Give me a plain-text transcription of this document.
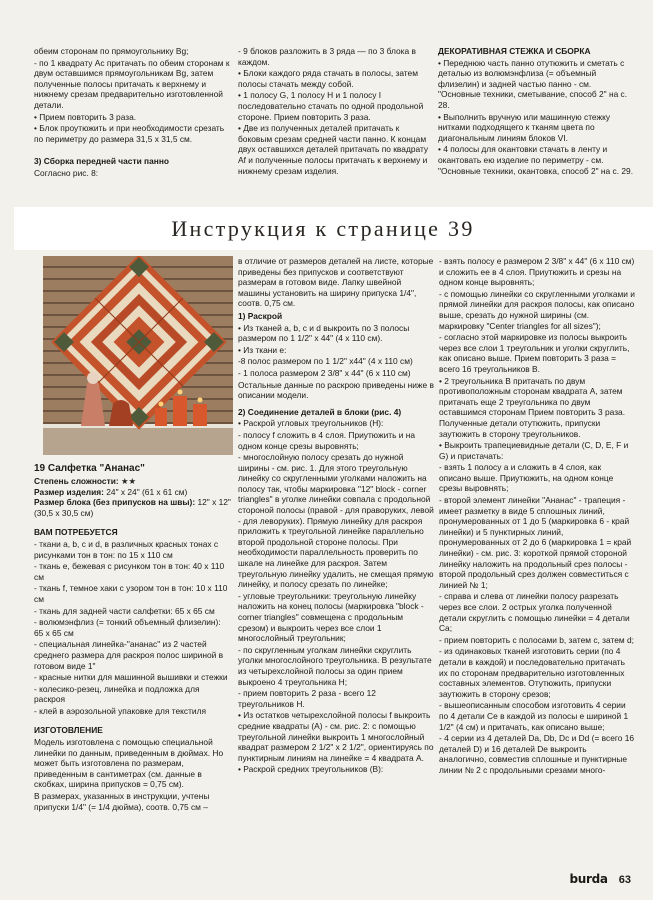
обеим сторонам по прямоугольнику Bg;

- по 1 квадрату Ас притачать по обеим сторонам к двум оставшимся прямоугольникам Bg, затем полученные полосы притачать к верхнему и нижнему срезам предварительно изготовленной детали.

• Прием повторить 3 раза.

• Блок проутюжить и при необходимости срезать по периметру до размера 31,5 x 31,5 см.

3) Сборка передней части панно

Согласно рис. 8:

- 9 блоков разложить в 3 ряда — по 3 блока в каждом.

• Блоки каждого ряда стачать в полосы, затем полосы стачать между собой.

• 1 полосу G, 1 полосу H и 1 полосу I последовательно стачать по одной продольной стороне. Прием повторить 3 раза.

• Две из полученных деталей притачать к боковым срезам средней части панно. К концам двух оставшихся деталей притачать по квадрату Af и полученные полосы притачать к верхнему и нижнему срезам изделия.

ДЕКОРАТИВНАЯ СТЕЖКА И СБОРКА

• Переднюю часть панно отутюжить и сметать с деталью из волюмэнфлиза (= объемный флизелин) и задней частью панно - см. "Основные техники, сметывание, способ 2" на с. 28.

• Выполнить вручную или машинную стежку нитками подходящего к тканям цвета по диагональным линиям блоков VI.

• 4 полосы для окантовки стачать в ленту и окантовать ею изделие по периметру - см. "Основные техники, окантовка, способ 2" на с. 29.

Инструкция к странице 39

19 Салфетка "Ананас"

Степень сложности: ★★

Размер изделия: 24" x 24" (61 x 61 см)

Размер блока (без припусков на швы): 12" x 12" (30,5 x 30,5 см)

ВАМ ПОТРЕБУЕТСЯ

- ткани a, b, c и d, в различных красных тонах с рисунками тон в тон: по 15 x 110 см

- ткань e, бежевая с рисунком тон в тон: 40 x 110 см

- ткань f, темное хаки с узором тон в тон: 10 x 110 см

- ткань для задней части салфетки: 65 x 65 см

- волюмэнфлиз (= тонкий объемный флизелин): 65 x 65 см

- специальная линейка-"ананас" из 2 частей среднего размера для раскроя полос шириной в готовом виде 1"

- красные нитки для машинной вышивки и стежки

- колесико-резец, линейка и подложка для раскроя

- клей в аэрозольной упаковке для текстиля

ИЗГОТОВЛЕНИЕ

Модель изготовлена с помощью специальной линейки по данным, приведенным в дюймах. Но может быть изготовлена по размерам, приведенным в сантиметрах (см. данные в скобках, ширина припусков = 0,75 см).

В размерах, указанных в инструкции, учтены припуски 1/4" (= 1/4 дюйма), соотв. 0,75 см –

в отличие от размеров деталей на листе, которые приведены без припусков и соответствуют размерам в готовом виде. Лапку швейной машины установить на ширину припуска 1/4", соотв. 0,75 см.

1) Раскрой

• Из тканей a, b, c и d выкроить по 3 полосы размером по 1 1/2" x 44" (4 x 110 см).

• Из ткани e:

-8 полос размером по 1 1/2" x44" (4 x 110 см)

- 1 полоса размером 2 3/8" x 44" (6 x 110 см)

Остальные данные по раскрою приведены ниже в описании модели.

2) Соединение деталей в блоки (рис. 4)

• Раскрой угловых треугольников (H):

- полосу f сложить в 4 слоя. Приутюжить и на одном конце срезы выровнять;

- многослойную полосу срезать до нужной ширины - см. рис. 1. Для этого треугольную линейку со скругленными уголками наложить на полосу так, чтобы маркировка "12" block - corner triangles" в уголке линейки совпала с продольной стороной полосы (правой - для праворуких, левой - для леворуких). Прямую линейку для раскроя приложить к треугольной линейке параллельно второй продольной стороне полосы. При необходимости параллельность проверить по шкале на линейке для раскроя. Затем треугольную линейку удалить, не смещая прямую линейку, и полосу срезать по линейке;

- угловые треугольники: треугольную линейку наложить на конец полосы (маркировка "block - corner triangles" совмещена с продольным срезом) и выкроить через все слои 1 многослойный треугольник;

- по скругленным уголкам линейки скруглить уголки многослойного треугольника. В результате из четырехслойной полосы за один прием выкроено 4 треугольника H;

- прием повторить 2 раза - всего 12 треугольников H.

• Из остатков четырехслойной полосы f выкроить средние квадраты (A) - см. рис. 2: с помощью треугольной линейки выкроить 1 многослойный квадрат размером 2 1/2" x 2 1/2", ориентируясь по пунктирным линиям на линейке = 4 квадрата A.

• Раскрой средних треугольников (B):

- взять полосу e размером 2 3/8" x 44" (6 x 110 см) и сложить ее в 4 слоя. Приутюжить и срезы на одном конце выровнять;

- с помощью линейки со скругленными уголками и прямой линейки для раскроя полосы, как описано выше, срезать до нужной ширины (см. маркировку "Center triangles for all sizes");

- согласно этой маркировке из полосы выкроить через все слои 1 треугольник и уголки скруглить, как описано выше. Прием повторить 3 раза = всего 16 треугольников B.

• 2 треугольника B притачать по двум противоположным сторонам квадрата A, затем притачать еще 2 треугольника по двум оставшимся сторонам Прием повторить 3 раза. Полученные детали отутюжить, припуски заутюжить в сторону треугольников.

• Выкроить трапециевидные детали (C, D, E, F и G) и пристачать:

- взять 1 полосу a и сложить в 4 слоя, как описано выше. Приутюжить, на одном конце срезы выровнять;

- второй элемент линейки "Ананас" - трапеция - имеет разметку в виде 5 сплошных линий, пронумерованных от 1 до 5 (маркировка 6 - край линейки) и 5 пунктирных линий, пронумерованных от 2 до 6 (маркировка 1 = край линейки) - см. рис. 3: короткой прямой стороной линейку наложить на продольный срез полосы - второй продольный срез должен совместиться с линией № 1;

- справа и слева от линейки полосу разрезать через все слои. 2 острых уголка полученной детали скруглить с помощью линейки = 4 детали Ca;

- прием повторить с полосами b, затем с, затем d;

- из одинаковых тканей изготовить серии (по 4 детали в каждой) и последовательно притачать их по сторонам предварительно изготовленных составных элементов. Отутюжить, припуски заутюжить в сторону срезов;

- вышеописанным способом изготовить 4 серии по 4 детали Ce в каждой из полосы e шириной 1 1/2" (4 см) и притачать, как описано выше;

- 4 серии из 4 деталей Da, Db, Dc и Dd (= всего 16 деталей D) и 16 деталей De выкроить аналогично, совместив сплошные и пунктирные линии № 2 с продольными срезами много-

burda 63
